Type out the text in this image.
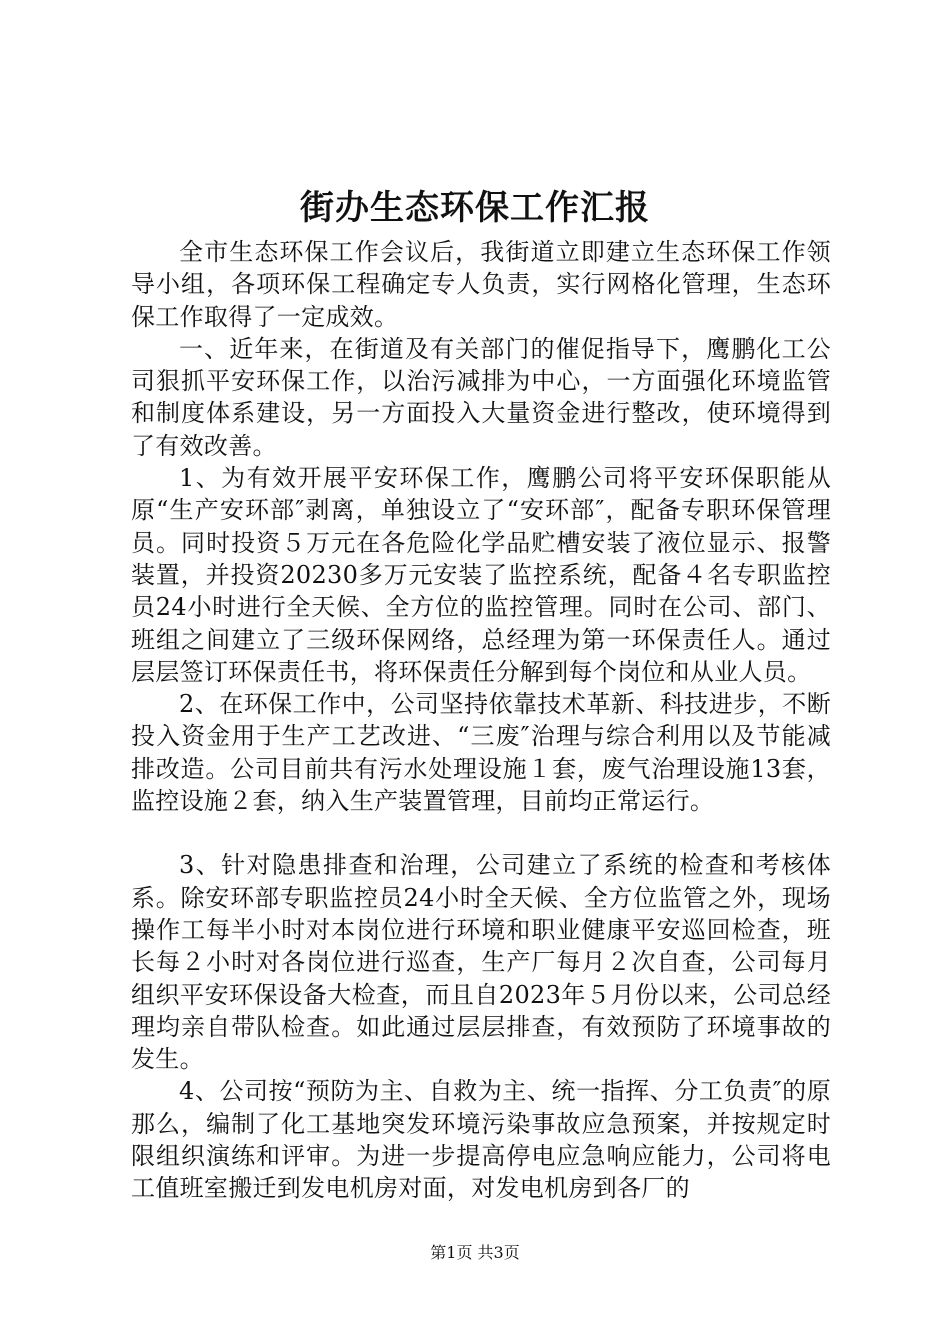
街办生态环保工作汇报

全市生态环保工作会议后，我街道立即建立生态环保工作领导小组，各项环保工程确定专人负责，实行网格化管理，生态环保工作取得了一定成效。

一、近年来，在街道及有关部门的催促指导下，鹰鹏化工公司狠抓平安环保工作，以治污减排为中心，一方面强化环境监管和制度体系建设，另一方面投入大量资金进行整改，使环境得到了有效改善。

1、为有效开展平安环保工作，鹰鹏公司将平安环保职能从原“生产安环部″剥离，单独设立了“安环部″，配备专职环保管理员。同时投资５万元在各危险化学品贮槽安装了液位显示、报警装置，并投资20230多万元安装了监控系统，配备４名专职监控员24小时进行全天候、全方位的监控管理。同时在公司、部门、班组之间建立了三级环保网络，总经理为第一环保责任人。通过层层签订环保责任书，将环保责任分解到每个岗位和从业人员。

2、在环保工作中，公司坚持依靠技术革新、科技进步，不断投入资金用于生产工艺改进、“三废″治理与综合利用以及节能减排改造。公司目前共有污水处理设施１套，废气治理设施13套，监控设施２套，纳入生产装置管理，目前均正常运行。

3、针对隐患排查和治理，公司建立了系统的检查和考核体系。除安环部专职监控员24小时全天候、全方位监管之外，现场操作工每半小时对本岗位进行环境和职业健康平安巡回检查，班长每２小时对各岗位进行巡查，生产厂每月２次自查，公司每月组织平安环保设备大检查，而且自2023年５月份以来，公司总经理均亲自带队检查。如此通过层层排查，有效预防了环境事故的发生。

4、公司按“预防为主、自救为主、统一指挥、分工负责″的原那么，编制了化工基地突发环境污染事故应急预案，并按规定时限组织演练和评审。为进一步提高停电应急响应能力，公司将电工值班室搬迁到发电机房对面，对发电机房到各厂的

第1页 共3页
